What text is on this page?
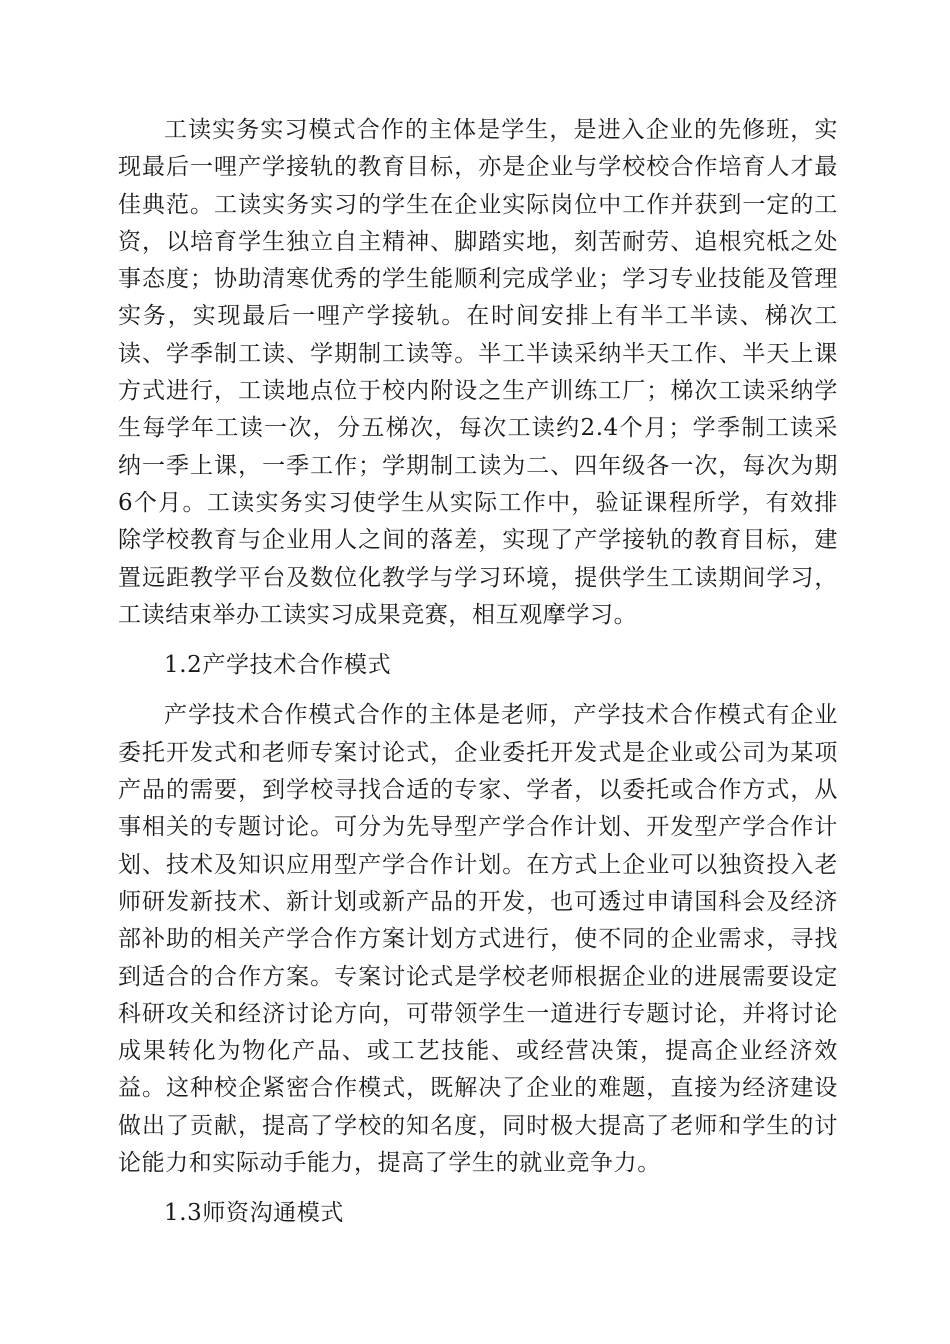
工读实务实习模式合作的主体是学生，是进入企业的先修班，实现最后一哩产学接轨的教育目标，亦是企业与学校校合作培育人才最佳典范。工读实务实习的学生在企业实际岗位中工作并获到一定的工资，以培育学生独立自主精神、脚踏实地，刻苦耐劳、追根究柢之处事态度；协助清寒优秀的学生能顺利完成学业；学习专业技能及管理实务，实现最后一哩产学接轨。在时间安排上有半工半读、梯次工读、学季制工读、学期制工读等。半工半读采纳半天工作、半天上课方式进行，工读地点位于校内附设之生产训练工厂；梯次工读采纳学生每学年工读一次，分五梯次，每次工读约2.4个月；学季制工读采纳一季上课，一季工作；学期制工读为二、四年级各一次，每次为期6个月。工读实务实习使学生从实际工作中，验证课程所学，有效排除学校教育与企业用人之间的落差，实现了产学接轨的教育目标，建置远距教学平台及数位化教学与学习环境，提供学生工读期间学习，工读结束举办工读实习成果竞赛，相互观摩学习。

1.2产学技术合作模式

产学技术合作模式合作的主体是老师，产学技术合作模式有企业委托开发式和老师专案讨论式，企业委托开发式是企业或公司为某项产品的需要，到学校寻找合适的专家、学者，以委托或合作方式，从事相关的专题讨论。可分为先导型产学合作计划、开发型产学合作计划、技术及知识应用型产学合作计划。在方式上企业可以独资投入老师研发新技术、新计划或新产品的开发，也可透过申请国科会及经济部补助的相关产学合作方案计划方式进行，使不同的企业需求，寻找到适合的合作方案。专案讨论式是学校老师根据企业的进展需要设定科研攻关和经济讨论方向，可带领学生一道进行专题讨论，并将讨论成果转化为物化产品、或工艺技能、或经营决策，提高企业经济效益。这种校企紧密合作模式，既解决了企业的难题，直接为经济建设做出了贡献，提高了学校的知名度，同时极大提高了老师和学生的讨论能力和实际动手能力，提高了学生的就业竞争力。

1.3师资沟通模式
